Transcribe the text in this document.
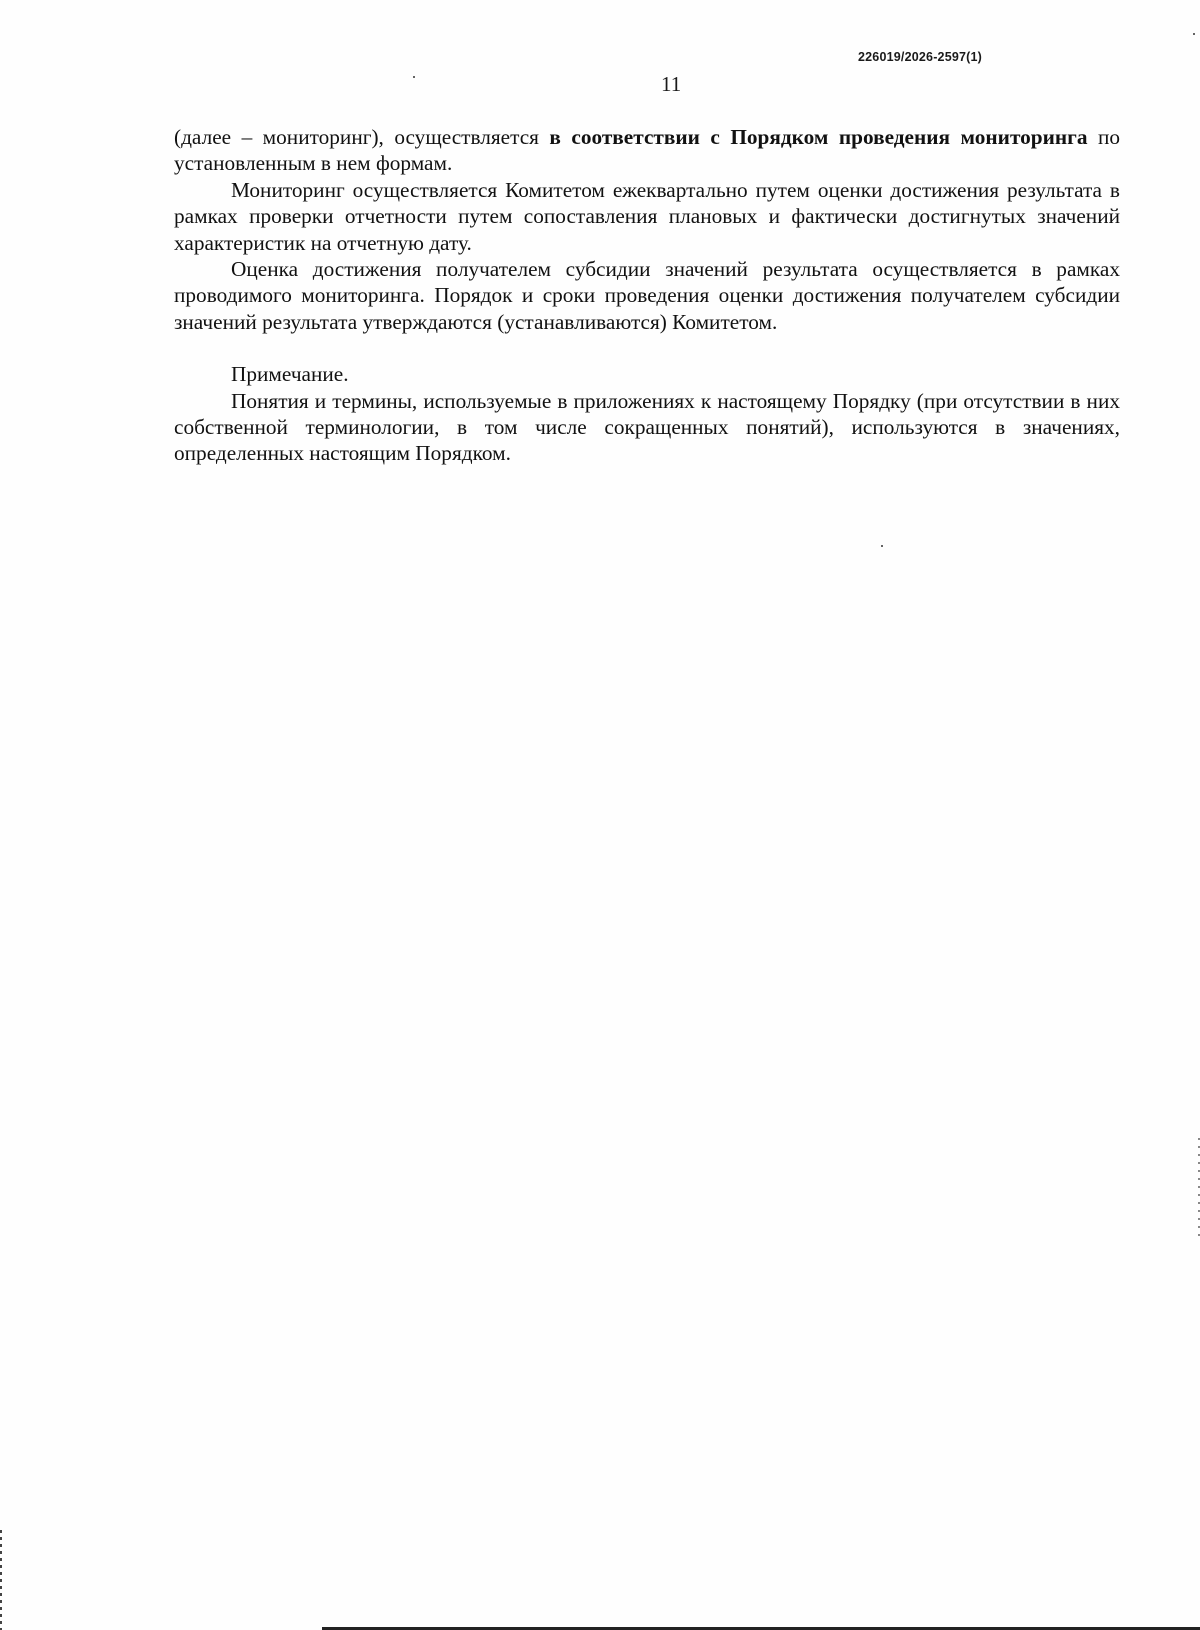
226019/2026-2597(1)
11

(далее – мониторинг), осуществляется в соответствии с Порядком проведения мониторинга по установленным в нем формам.

Мониторинг осуществляется Комитетом ежеквартально путем оценки достижения результата в рамках проверки отчетности путем сопоставления плановых и фактически достигнутых значений характеристик на отчетную дату.

Оценка достижения получателем субсидии значений результата осуществляется в рамках проводимого мониторинга. Порядок и сроки проведения оценки достижения получателем субсидии значений результата утверждаются (устанавливаются) Комитетом.

Примечание.

Понятия и термины, используемые в приложениях к настоящему Порядку (при отсутствии в них собственной терминологии, в том числе сокращенных понятий), используются в значениях, определенных настоящим Порядком.
